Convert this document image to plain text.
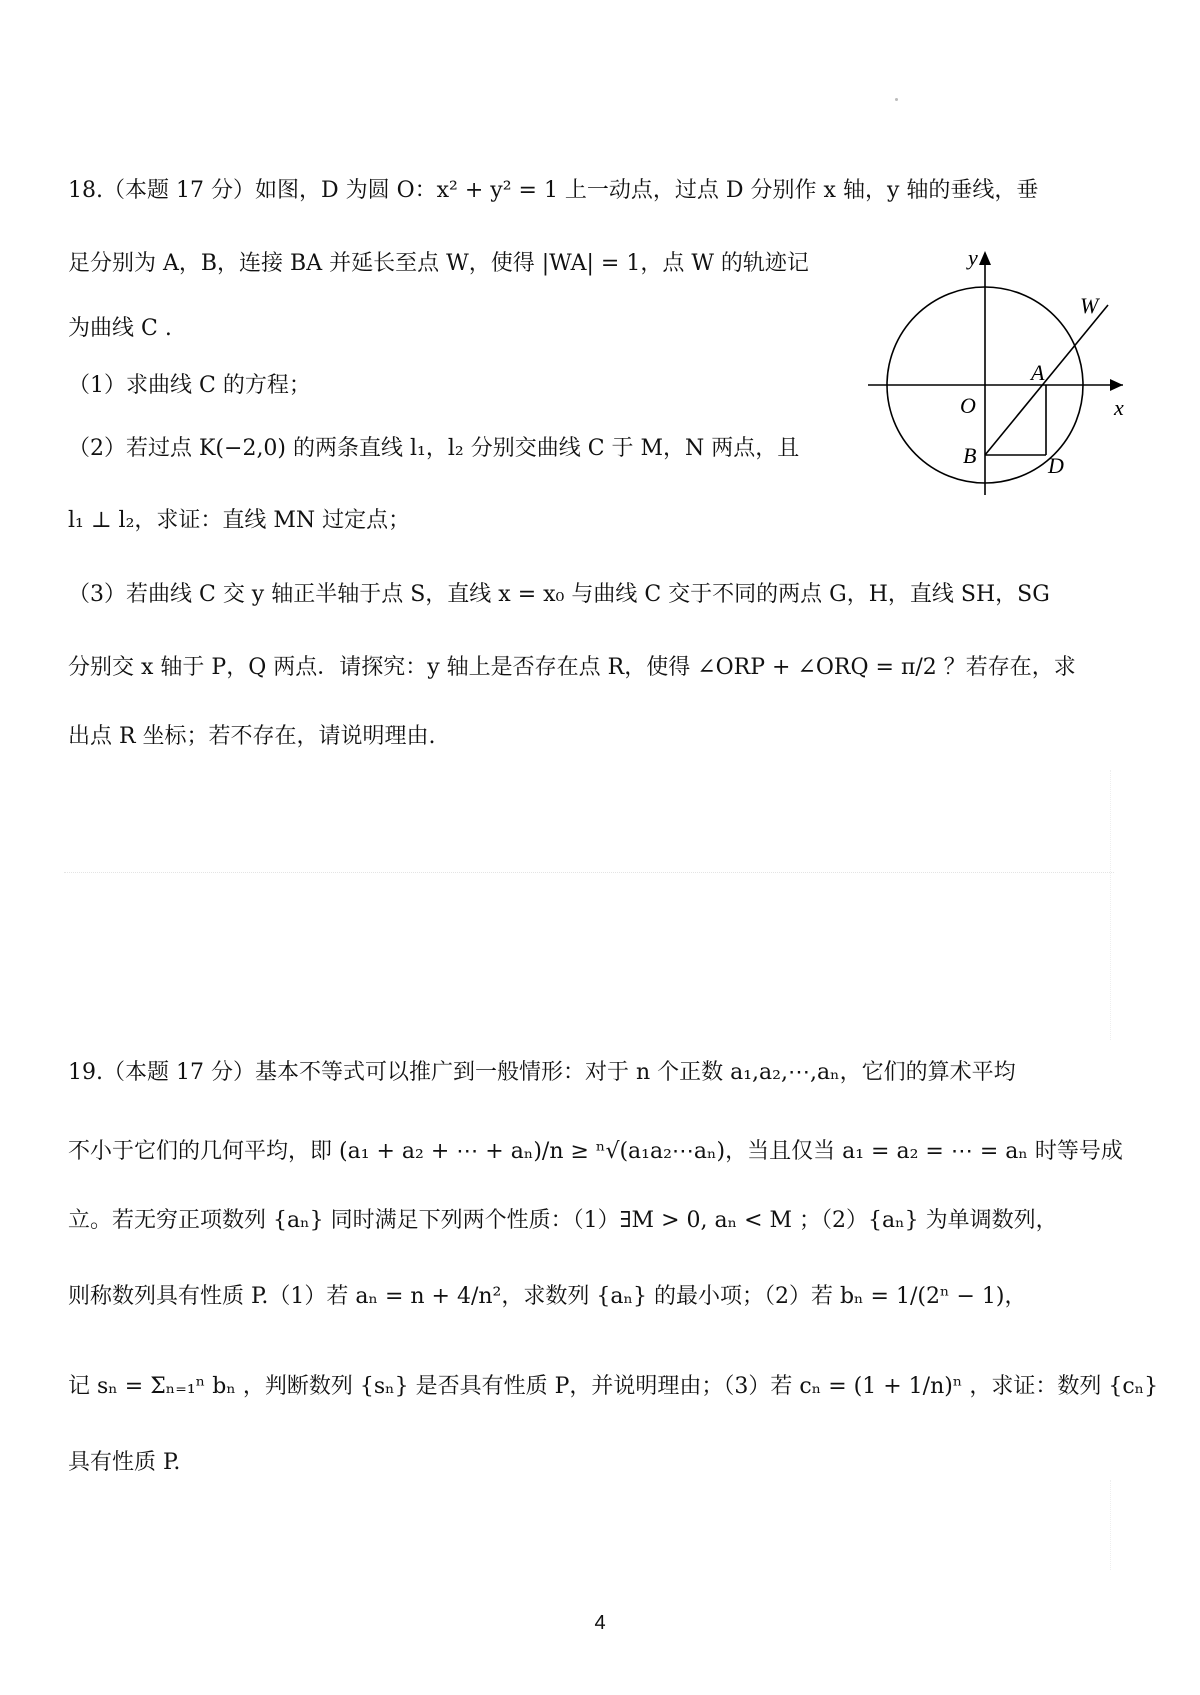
18.（本题 17 分）如图，D 为圆 O：x² + y² = 1 上一动点，过点 D 分别作 x 轴，y 轴的垂线，垂
足分别为 A，B，连接 BA 并延长至点 W，使得 |WA| = 1，点 W 的轨迹记
为曲线 C .
（1）求曲线 C 的方程；
（2）若过点 K(−2,0) 的两条直线 l₁，l₂ 分别交曲线 C 于 M，N 两点，且
l₁ ⊥ l₂，求证：直线 MN 过定点；
（3）若曲线 C 交 y 轴正半轴于点 S，直线 x = x₀ 与曲线 C 交于不同的两点 G，H，直线 SH，SG
分别交 x 轴于 P，Q 两点．请探究：y 轴上是否存在点 R，使得 ∠ORP + ∠ORQ = π/2 ？若存在，求
出点 R 坐标；若不存在，请说明理由.
y
x
O
A
B	D
W
19.（本题 17 分）基本不等式可以推广到一般情形：对于 n 个正数 a₁,a₂,⋯,aₙ，它们的算术平均
不小于它们的几何平均，即 (a₁ + a₂ + ⋯ + aₙ)/n ≥ ⁿ√(a₁a₂⋯aₙ)，当且仅当 a₁ = a₂ = ⋯ = aₙ 时等号成
立。若无穷正项数列 {aₙ} 同时满足下列两个性质：（1）∃M > 0, aₙ < M ；（2）{aₙ} 为单调数列，
则称数列具有性质 P.（1）若 aₙ = n + 4/n²，求数列 {aₙ} 的最小项；（2）若 bₙ = 1/(2ⁿ − 1)，
记 sₙ = Σₙ₌₁ⁿ bₙ ，判断数列 {sₙ} 是否具有性质 P，并说明理由；（3）若 cₙ = (1 + 1/n)ⁿ ，求证：数列 {cₙ}
具有性质 P.
4
